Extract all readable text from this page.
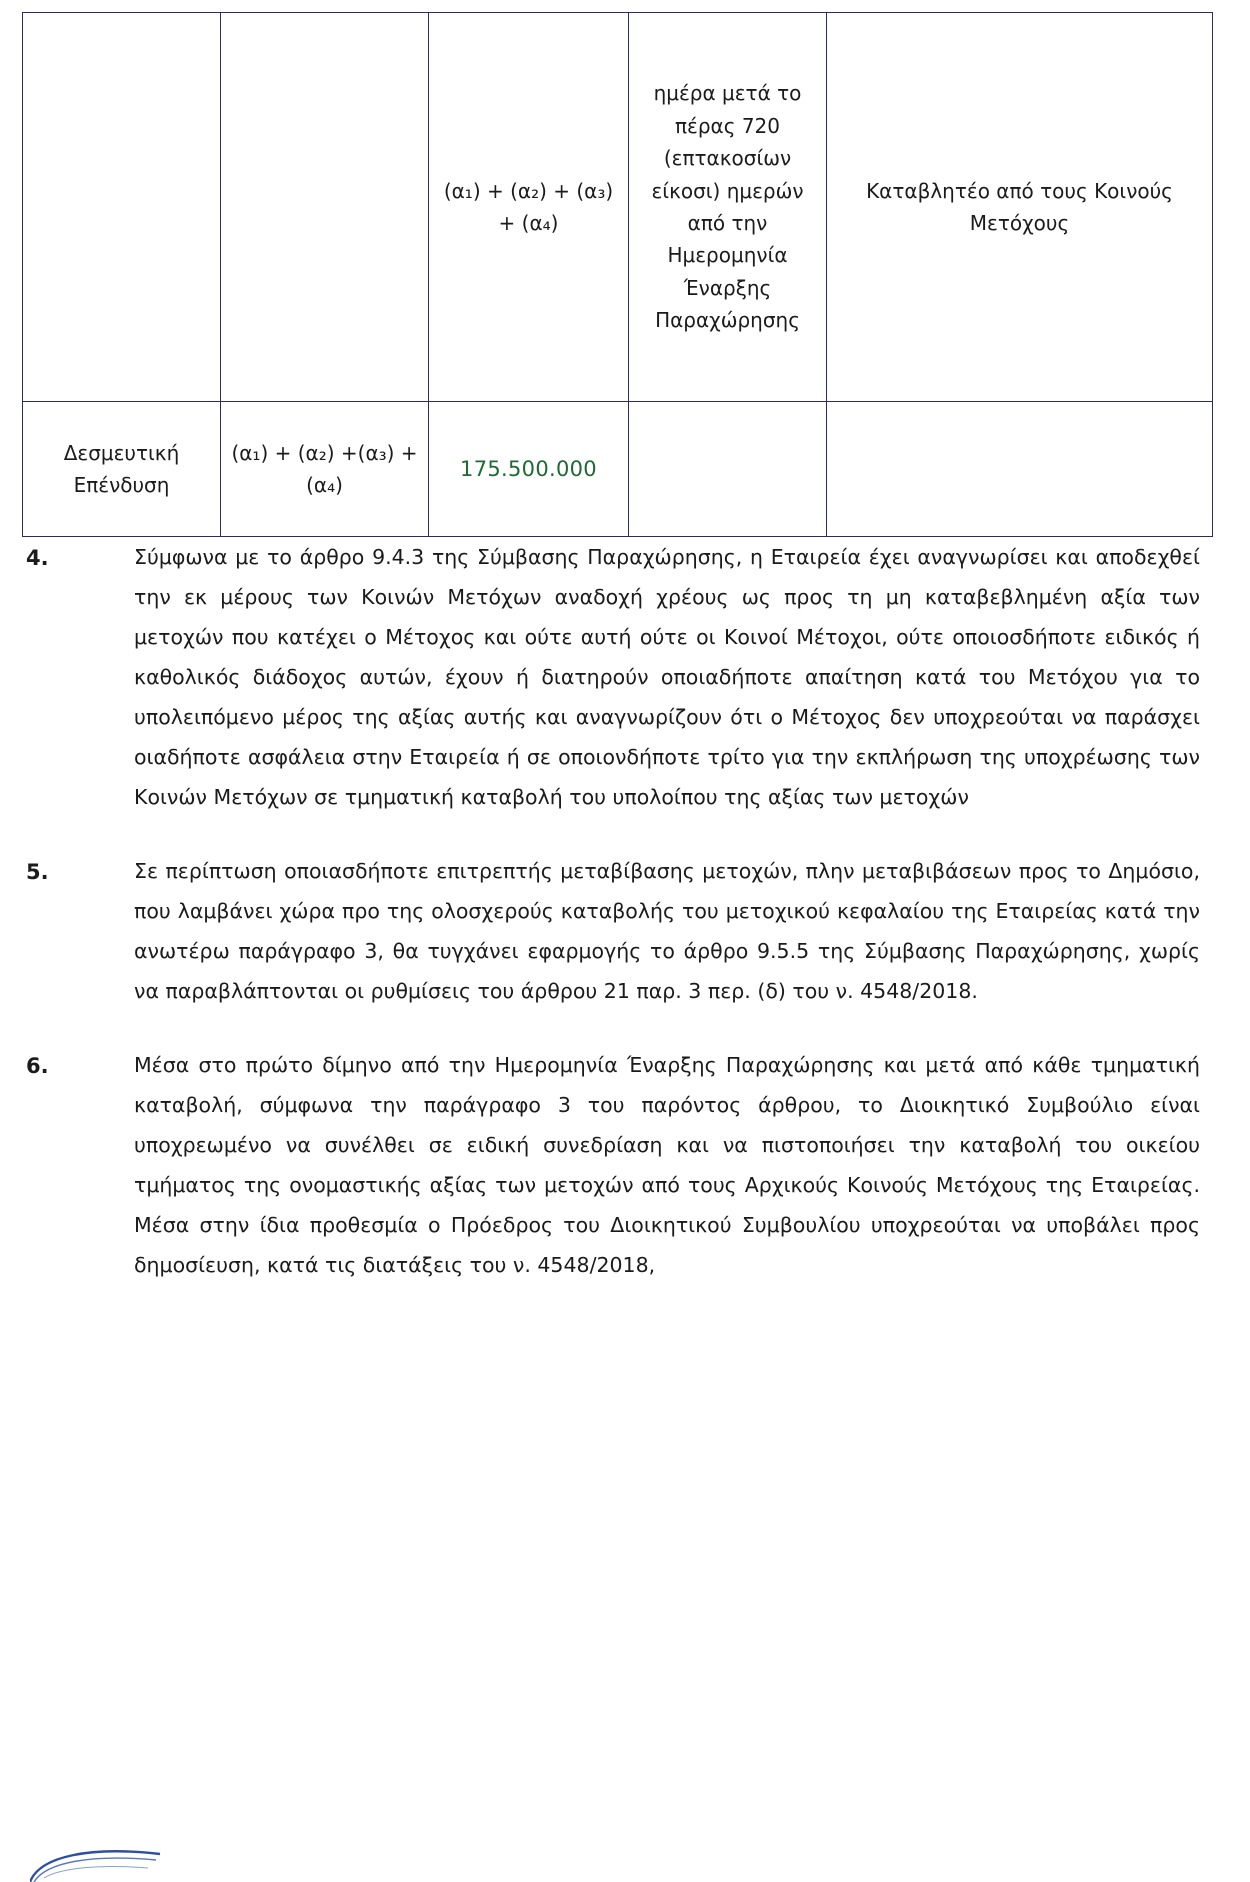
		(α₁) + (α₂) + (α₃) + (α₄)	ημέρα μετά το πέρας 720 (επτακοσίων είκοσι) ημερών από την Ημερομηνία Έναρξης Παραχώρησης	Καταβλητέο από τους Κοινούς Μετόχους
Δεσμευτική Επένδυση	(α₁) + (α₂) +(α₃) + (α₄)	175.500.000		
4.	Σύμφωνα με το άρθρο 9.4.3 της Σύμβασης Παραχώρησης, η Εταιρεία έχει αναγνωρίσει και αποδεχθεί την εκ μέρους των Κοινών Μετόχων αναδοχή χρέους ως προς τη μη καταβεβλημένη αξία των μετοχών που κατέχει ο Μέτοχος και ούτε αυτή ούτε οι Κοινοί Μέτοχοι, ούτε οποιοσδήποτε ειδικός ή καθολικός διάδοχος αυτών, έχουν ή διατηρούν οποιαδήποτε απαίτηση κατά του Μετόχου για το υπολειπόμενο μέρος της αξίας αυτής και αναγνωρίζουν ότι ο Μέτοχος δεν υποχρεούται να παράσχει οιαδήποτε ασφάλεια στην Εταιρεία ή σε οποιονδήποτε τρίτο για την εκπλήρωση της υποχρέωσης των Κοινών Μετόχων σε τμηματική καταβολή του υπολοίπου της αξίας των μετοχών
5.	Σε περίπτωση οποιασδήποτε επιτρεπτής μεταβίβασης μετοχών, πλην μεταβιβάσεων προς το Δημόσιο, που λαμβάνει χώρα προ της ολοσχερούς καταβολής του μετοχικού κεφαλαίου της Εταιρείας κατά την ανωτέρω παράγραφο 3, θα τυγχάνει εφαρμογής το άρθρο 9.5.5 της Σύμβασης Παραχώρησης, χωρίς να παραβλάπτονται οι ρυθμίσεις του άρθρου 21 παρ. 3 περ. (δ) του ν. 4548/2018.
6.	Μέσα στο πρώτο δίμηνο από την Ημερομηνία Έναρξης Παραχώρησης και μετά από κάθε τμηματική καταβολή, σύμφωνα την παράγραφο 3 του παρόντος άρθρου, το Διοικητικό Συμβούλιο είναι υποχρεωμένο να συνέλθει σε ειδική συνεδρίαση και να πιστοποιήσει την καταβολή του οικείου τμήματος της ονομαστικής αξίας των μετοχών από τους Αρχικούς Κοινούς Μετόχους της Εταιρείας. Μέσα στην ίδια προθεσμία ο Πρόεδρος του Διοικητικού Συμβουλίου υποχρεούται να υποβάλει προς δημοσίευση, κατά τις διατάξεις του ν. 4548/2018,
